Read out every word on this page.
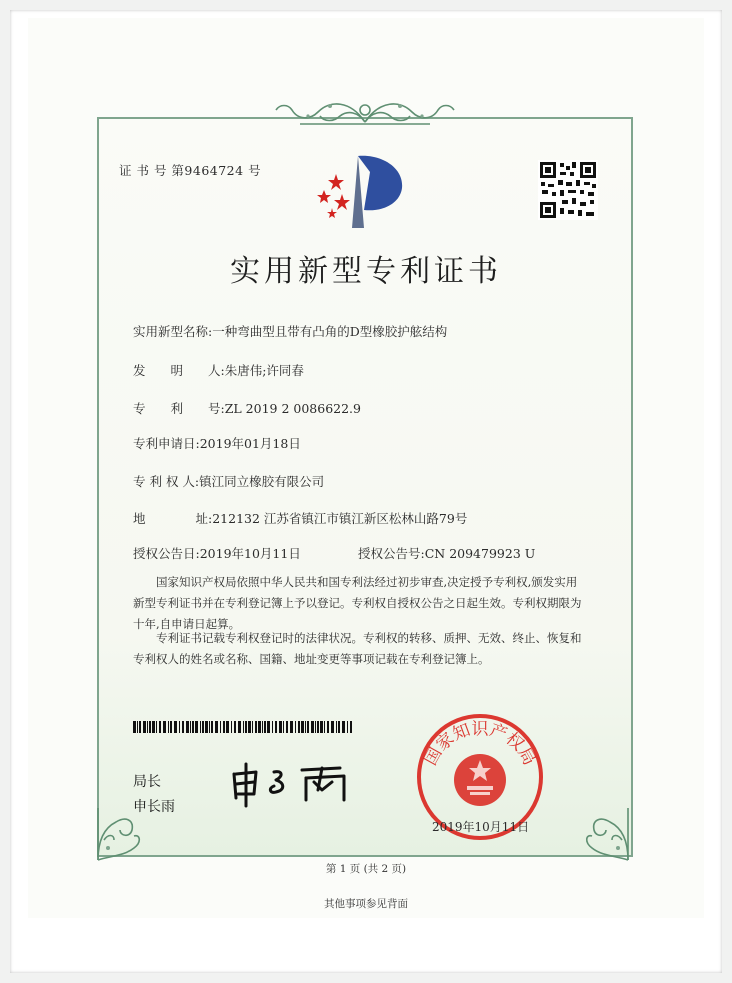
证 书 号 第9464724 号
实用新型专利证书
实用新型名称:一种弯曲型且带有凸角的D型橡胶护舷结构
发　　明　　人:朱唐伟;许同春
专　　利　　号:ZL 2019 2 0086622.9
专利申请日:2019年01月18日
专 利 权 人:镇江同立橡胶有限公司
地　　　　址:212132 江苏省镇江市镇江新区松林山路79号
授权公告日:2019年10月11日	授权公告号:CN 209479923 U
国家知识产权局依照中华人民共和国专利法经过初步审查,决定授予专利权,颁发实用新型专利证书并在专利登记簿上予以登记。专利权自授权公告之日起生效。专利权期限为十年,自申请日起算。
专利证书记载专利权登记时的法律状况。专利权的转移、质押、无效、终止、恢复和专利权人的姓名或名称、国籍、地址变更等事项记载在专利登记簿上。
局长
申长雨
国家知识产权局
2019年10月11日
第 1 页 (共 2 页)
其他事项参见背面
